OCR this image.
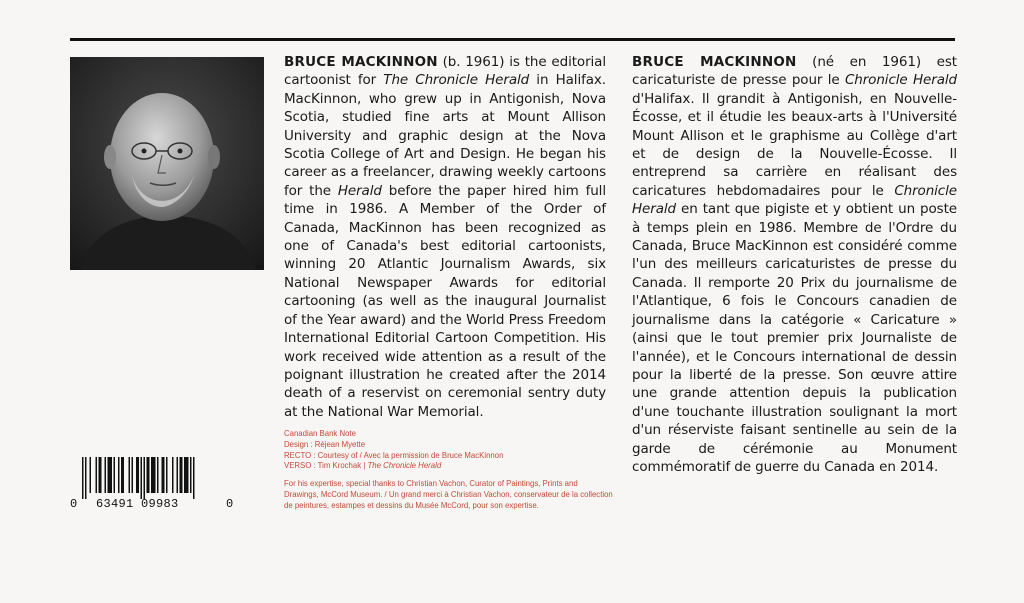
BRUCE MACKINNON (b. 1961) is the editorial cartoonist for The Chronicle Herald in Halifax. MacKinnon, who grew up in Antigonish, Nova Scotia, studied fine arts at Mount Allison University and graphic design at the Nova Scotia College of Art and Design. He began his career as a freelancer, drawing weekly cartoons for the Herald before the paper hired him full time in 1986. A Member of the Order of Canada, MacKinnon has been recognized as one of Canada's best editorial cartoonists, winning 20 Atlantic Journalism Awards, six National Newspaper Awards for editorial cartooning (as well as the inaugural Journalist of the Year award) and the World Press Freedom International Editorial Cartoon Competition. His work received wide attention as a result of the poignant illustration he created after the 2014 death of a reservist on ceremonial sentry duty at the National War Memorial.

BRUCE MACKINNON (né en 1961) est caricaturiste de presse pour le Chronicle Herald d'Halifax. Il grandit à Antigonish, en Nouvelle-Écosse, et il étudie les beaux-arts à l'Université Mount Allison et le graphisme au Collège d'art et de design de la Nouvelle-Écosse. Il entreprend sa carrière en réalisant des caricatures hebdomadaires pour le Chronicle Herald en tant que pigiste et y obtient un poste à temps plein en 1986. Membre de l'Ordre du Canada, Bruce MacKinnon est considéré comme l'un des meilleurs caricaturistes de presse du Canada. Il remporte 20 Prix du journalisme de l'Atlantique, 6 fois le Concours canadien de journalisme dans la catégorie « Caricature » (ainsi que le tout premier prix Journaliste de l'année), et le Concours international de dessin pour la liberté de la presse. Son œuvre attire une grande attention depuis la publication d'une touchante illustration soulignant la mort d'un réserviste faisant sentinelle au sein de la garde de cérémonie au Monument commémoratif de guerre du Canada en 2014.

Canadian Bank Note
Design : Réjean Myette
RECTO : Courtesy of / Avec la permission de Bruce MacKinnon
VERSO : Tim Krochak | The Chronicle Herald
For his expertise, special thanks to Christian Vachon, Curator of Paintings, Prints and Drawings, McCord Museum. / Un grand merci à Christian Vachon, conservateur de la collection de peintures, estampes et dessins du Musée McCord, pour son expertise.
0 63491 09983	0
